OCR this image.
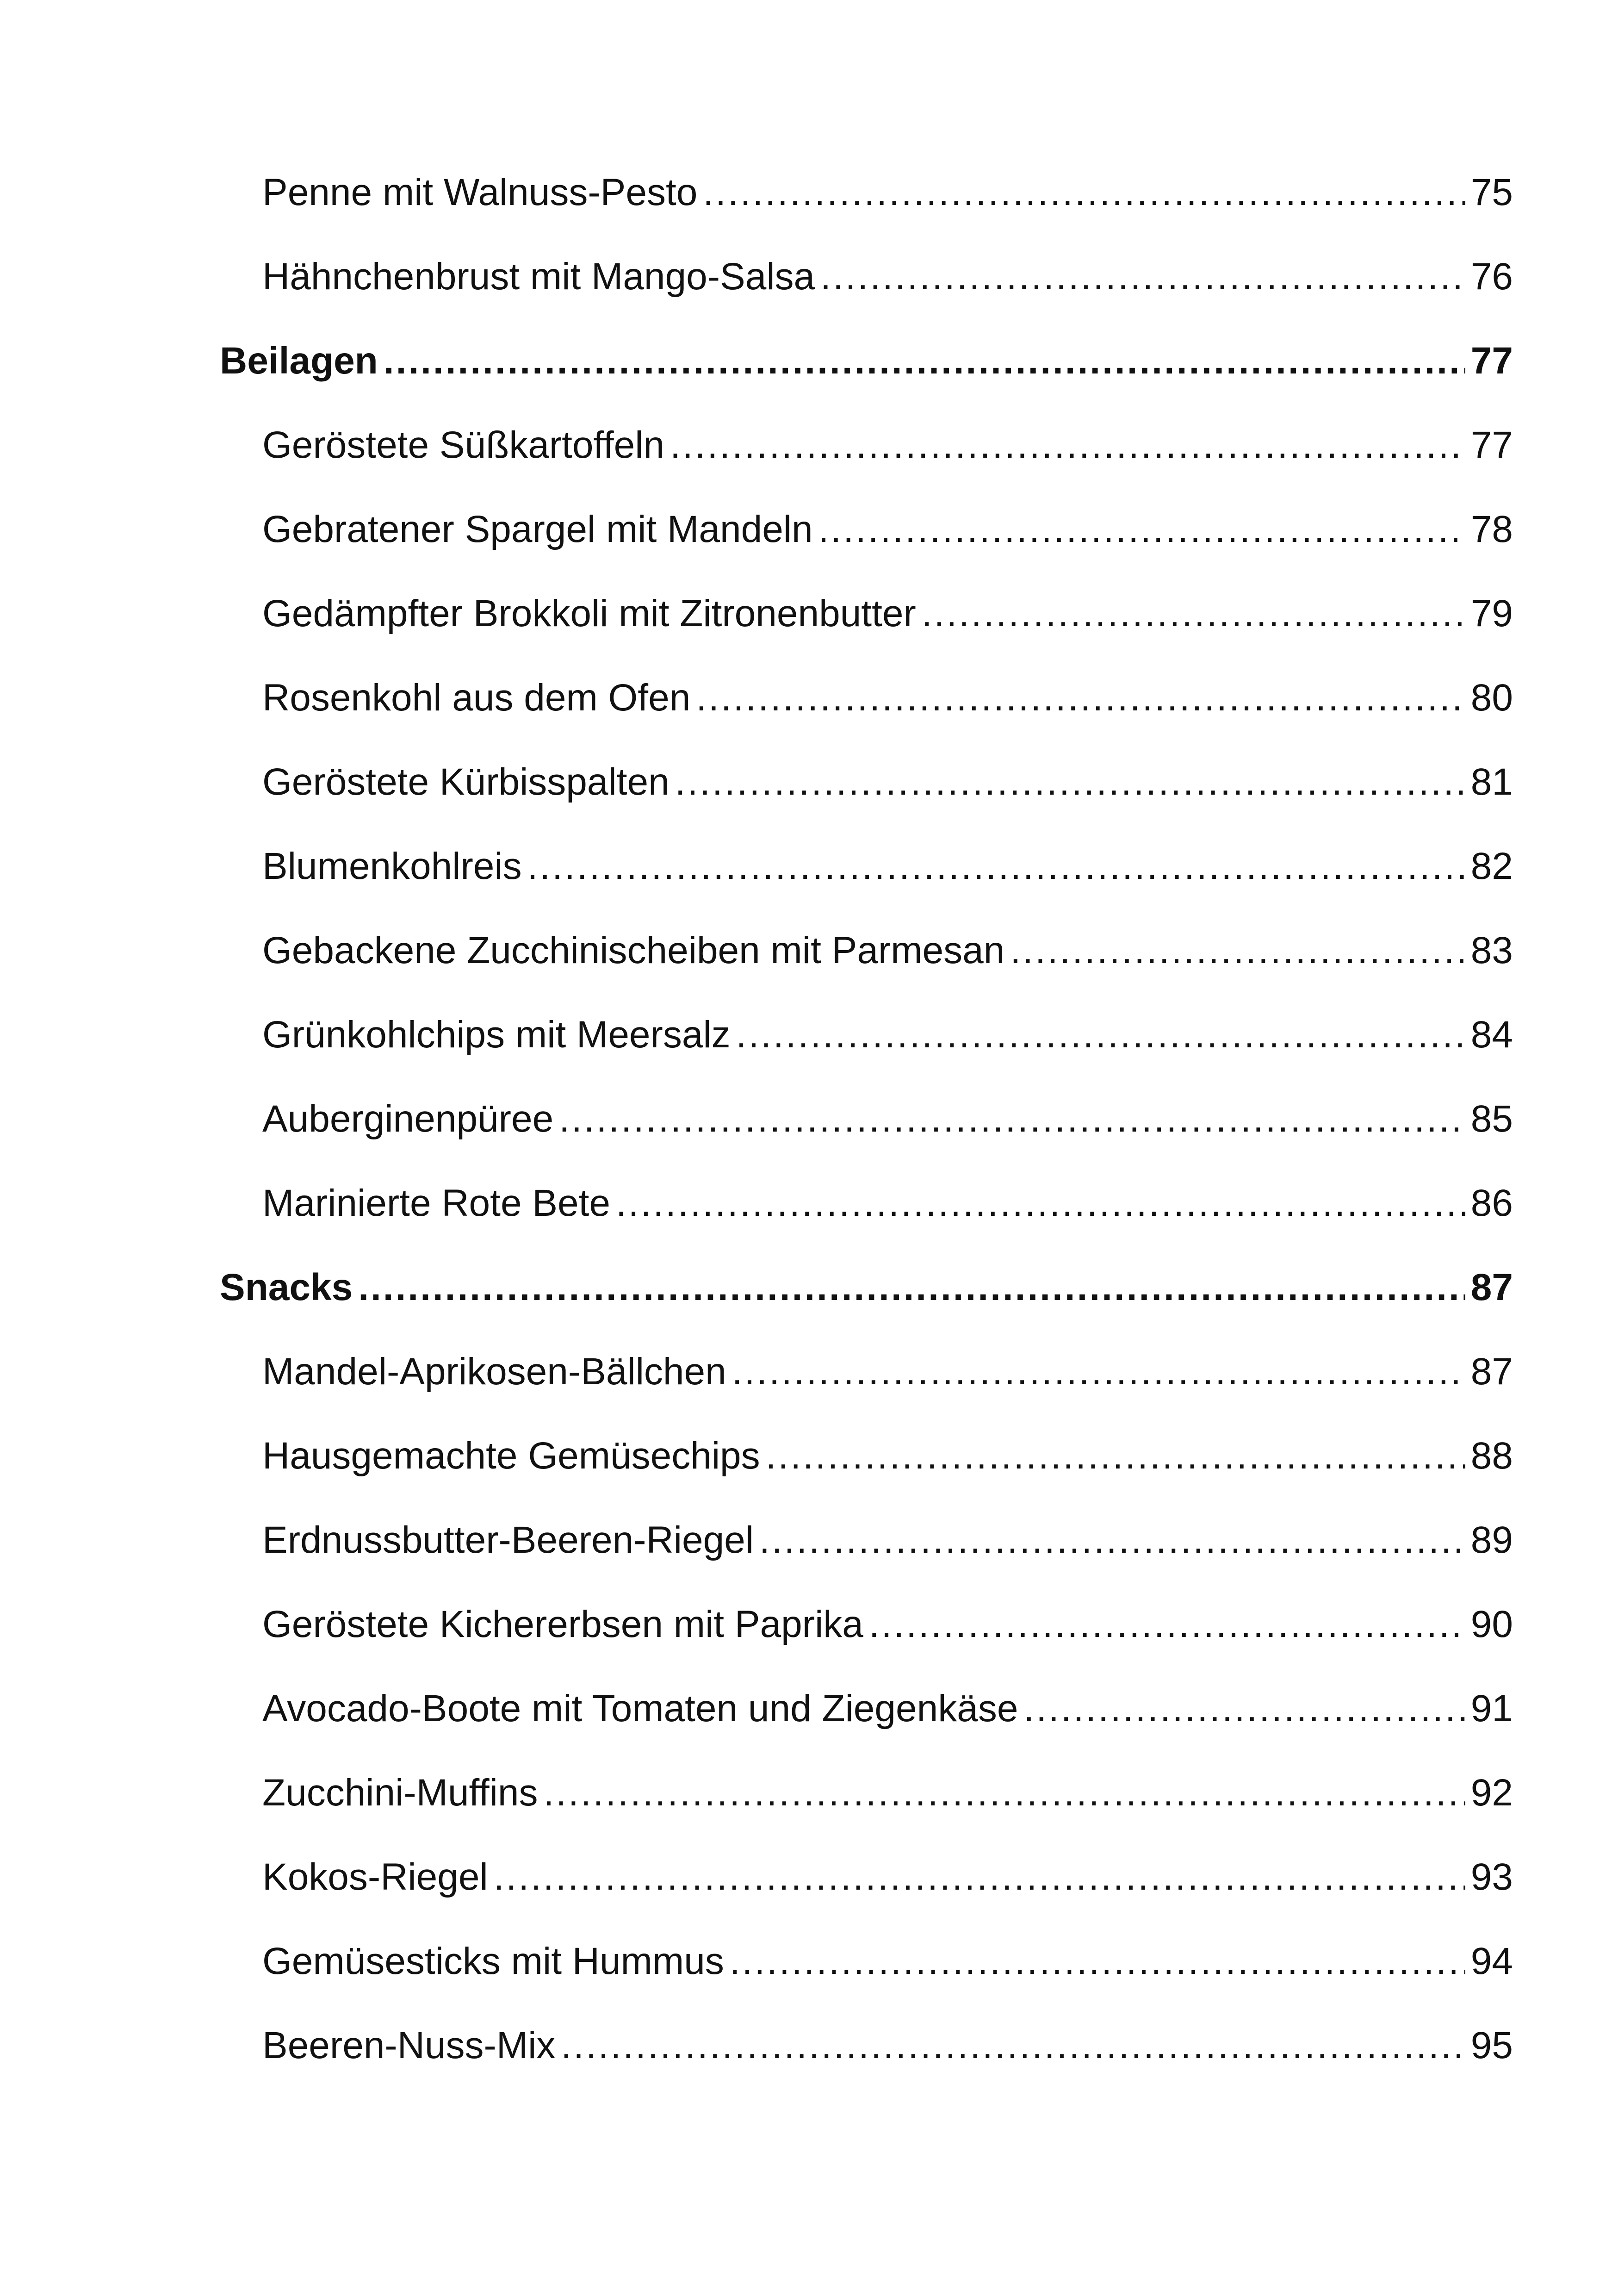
Penne mit Walnuss-Pesto .....	75
Hähnchenbrust mit Mango-Salsa .....	76
Beilagen .....	77
Geröstete Süßkartoffeln .....	77
Gebratener Spargel mit Mandeln .....	78
Gedämpfter Brokkoli mit Zitronenbutter .....	79
Rosenkohl aus dem Ofen .....	80
Geröstete Kürbisspalten .....	81
Blumenkohlreis .....	82
Gebackene Zucchinischeiben mit Parmesan .....	83
Grünkohlchips mit Meersalz .....	84
Auberginenpüree .....	85
Marinierte Rote Bete .....	86
Snacks .....	87
Mandel-Aprikosen-Bällchen .....	87
Hausgemachte Gemüsechips .....	88
Erdnussbutter-Beeren-Riegel .....	89
Geröstete Kichererbsen mit Paprika .....	90
Avocado-Boote mit Tomaten und Ziegenkäse .....	91
Zucchini-Muffins .....	92
Kokos-Riegel .....	93
Gemüsesticks mit Hummus .....	94
Beeren-Nuss-Mix .....	95
